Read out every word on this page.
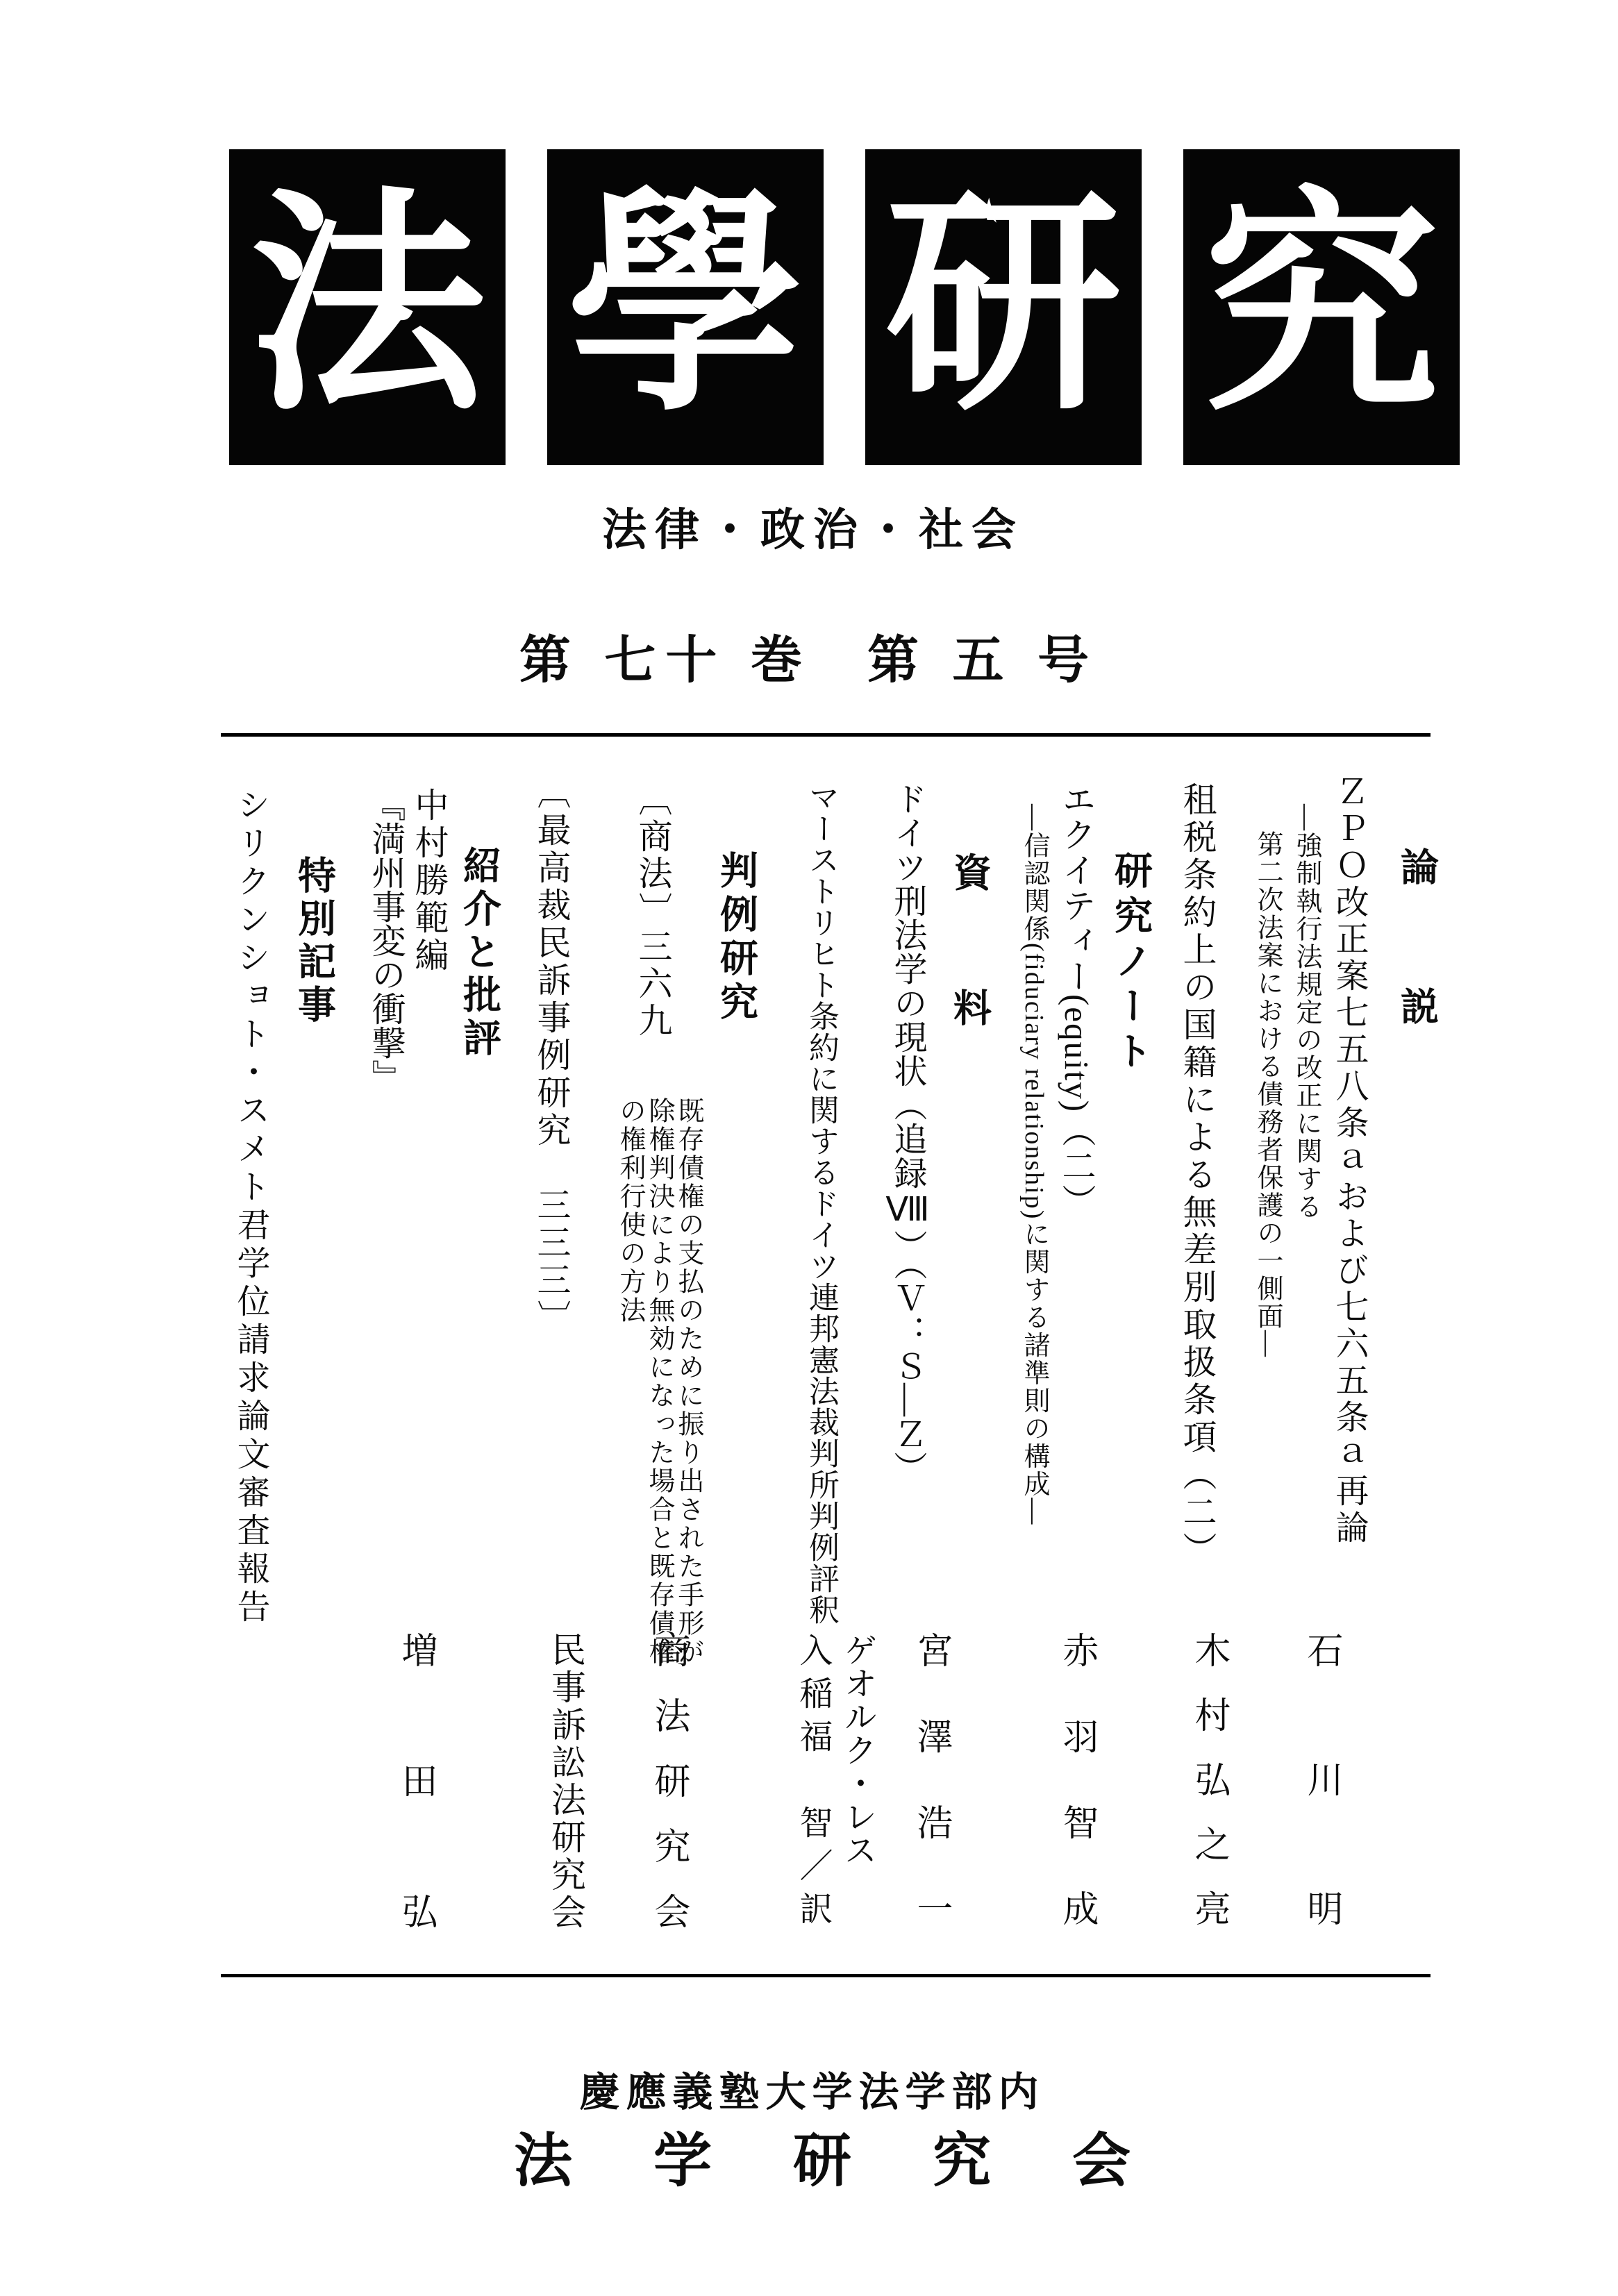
法 學 研 究
法律・政治・社会
第 七十 巻 第 五 号
論　説
研究ノート
資　料
判例研究
紹介と批評
特別記事	ＺＰＯ改正案七五八条ａおよび七六五条ａ再論
―強制執行法規定の改正に関する
第二次法案における債務者保護の一側面―
租税条約上の国籍による無差別取扱条項（二）
エクイティー(equity)（二）
―信認関係(fiduciary relationship)に関する諸準則の構成―
ドイツ刑法学の現状（追録Ⅷ）（Ｖ：Ｓ―Ｚ）
マーストリヒト条約に関するドイツ連邦憲法裁判所判例評釈
〔商法〕三六九
既存債権の支払のために振り出された手形が除権判決により無効になった場合と既存債権の権利行使の方法
〔最高裁民訴事例研究　三三三〕
中村勝範編
『満州事変の衝撃』
シリクンショト・スメト君学位請求論文審査報告
石川明
木村弘之亮
赤羽智成
宮澤浩一
ゲオルク・レス
入稲福　智／訳
商法研究会
民事訴訟法研究会
増田弘
慶應義塾大学法学部内
法学研究会
